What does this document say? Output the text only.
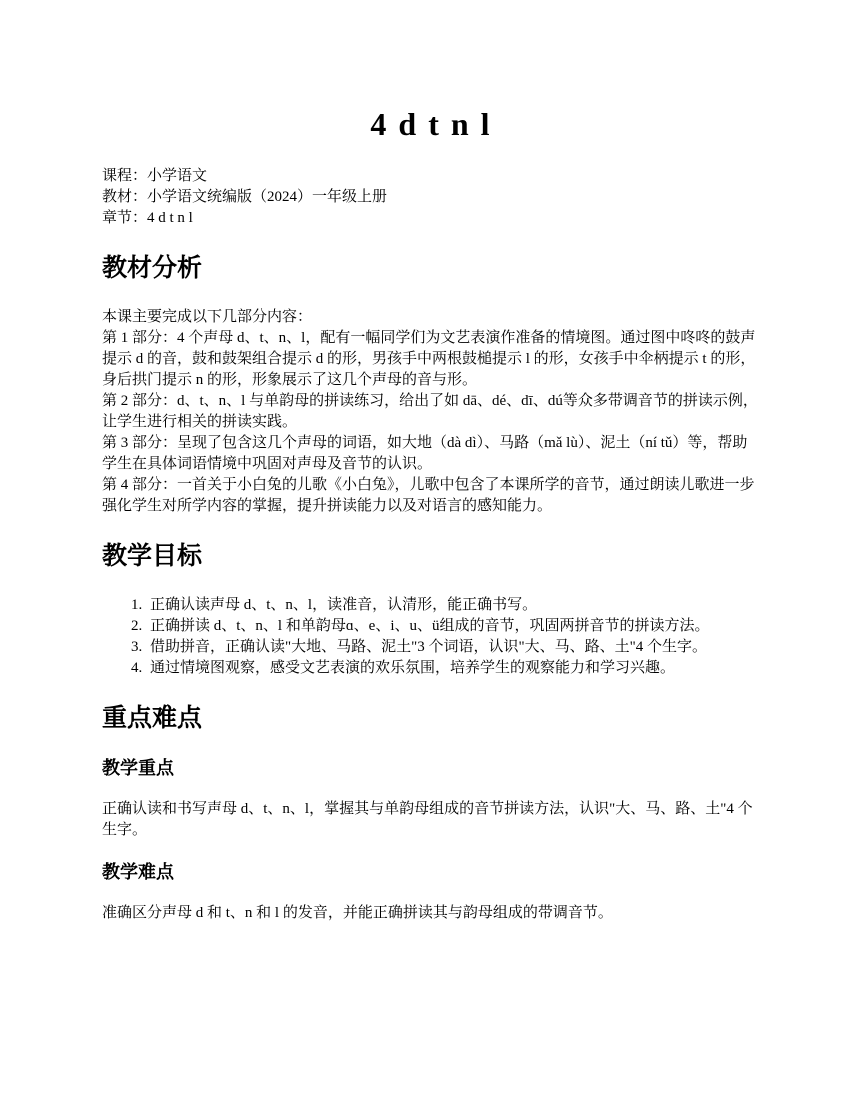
4 d t n l

课程：小学语文

教材：小学语文统编版（2024）一年级上册

章节：4 d t n l

教材分析

本课主要完成以下几部分内容：

第 1 部分：4 个声母 d、t、n、l，配有一幅同学们为文艺表演作准备的情境图。通过图中咚咚的鼓声提示 d 的音，鼓和鼓架组合提示 d 的形，男孩手中两根鼓槌提示 l 的形，女孩手中伞柄提示 t 的形，身后拱门提示 n 的形，形象展示了这几个声母的音与形。

第 2 部分：d、t、n、l 与单韵母的拼读练习，给出了如 dā、dé、dī、dú等众多带调音节的拼读示例，让学生进行相关的拼读实践。

第 3 部分：呈现了包含这几个声母的词语，如大地（dà dì）、马路（mǎ lù）、泥土（ní tǔ）等，帮助学生在具体词语情境中巩固对声母及音节的认识。

第 4 部分：一首关于小白兔的儿歌《小白兔》，儿歌中包含了本课所学的音节，通过朗读儿歌进一步强化学生对所学内容的掌握，提升拼读能力以及对语言的感知能力。

教学目标
1. 正确认读声母 d、t、n、l，读准音，认清形，能正确书写。
2. 正确拼读 d、t、n、l 和单韵母ɑ、e、i、u、ü组成的音节，巩固两拼音节的拼读方法。
3. 借助拼音，正确认读"大地、马路、泥土"3 个词语，认识"大、马、路、土"4 个生字。
4. 通过情境图观察，感受文艺表演的欢乐氛围，培养学生的观察能力和学习兴趣。
重点难点
教学重点

正确认读和书写声母 d、t、n、l，掌握其与单韵母组成的音节拼读方法，认识"大、马、路、土"4 个生字。

教学难点

准确区分声母 d 和 t、n 和 l 的发音，并能正确拼读其与韵母组成的带调音节。
